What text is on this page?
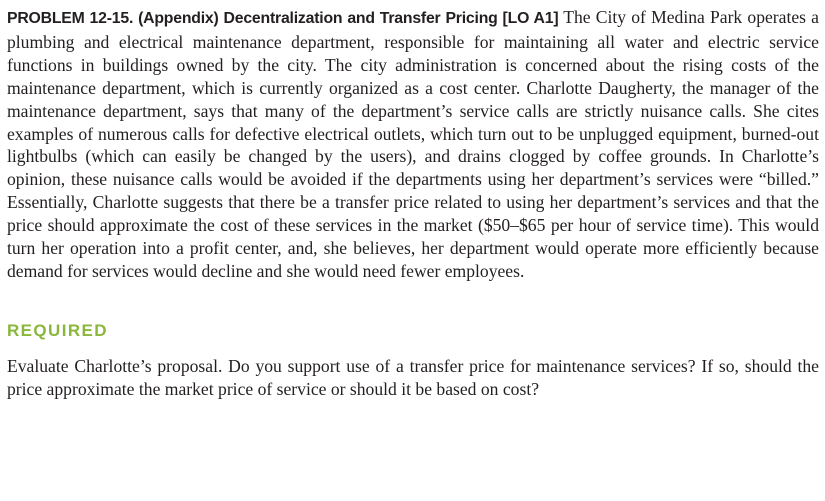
PROBLEM 12-15. (Appendix) Decentralization and Transfer Pricing [LO A1] The City of Medina Park operates a plumbing and electrical maintenance department, responsible for maintaining all water and electric service functions in buildings owned by the city. The city administration is concerned about the rising costs of the maintenance department, which is currently organized as a cost center. Charlotte Daugherty, the manager of the maintenance department, says that many of the department’s service calls are strictly nuisance calls. She cites examples of numerous calls for defective electrical outlets, which turn out to be unplugged equipment, burned-out lightbulbs (which can easily be changed by the users), and drains clogged by coffee grounds. In Charlotte’s opinion, these nuisance calls would be avoided if the departments using her department’s services were “billed.” Essentially, Charlotte suggests that there be a transfer price related to using her department’s services and that the price should approximate the cost of these services in the market ($50–$65 per hour of service time). This would turn her operation into a profit center, and, she believes, her department would operate more efficiently because demand for services would decline and she would need fewer employees.

REQUIRED

Evaluate Charlotte’s proposal. Do you support use of a transfer price for maintenance services? If so, should the price approximate the market price of service or should it be based on cost?
